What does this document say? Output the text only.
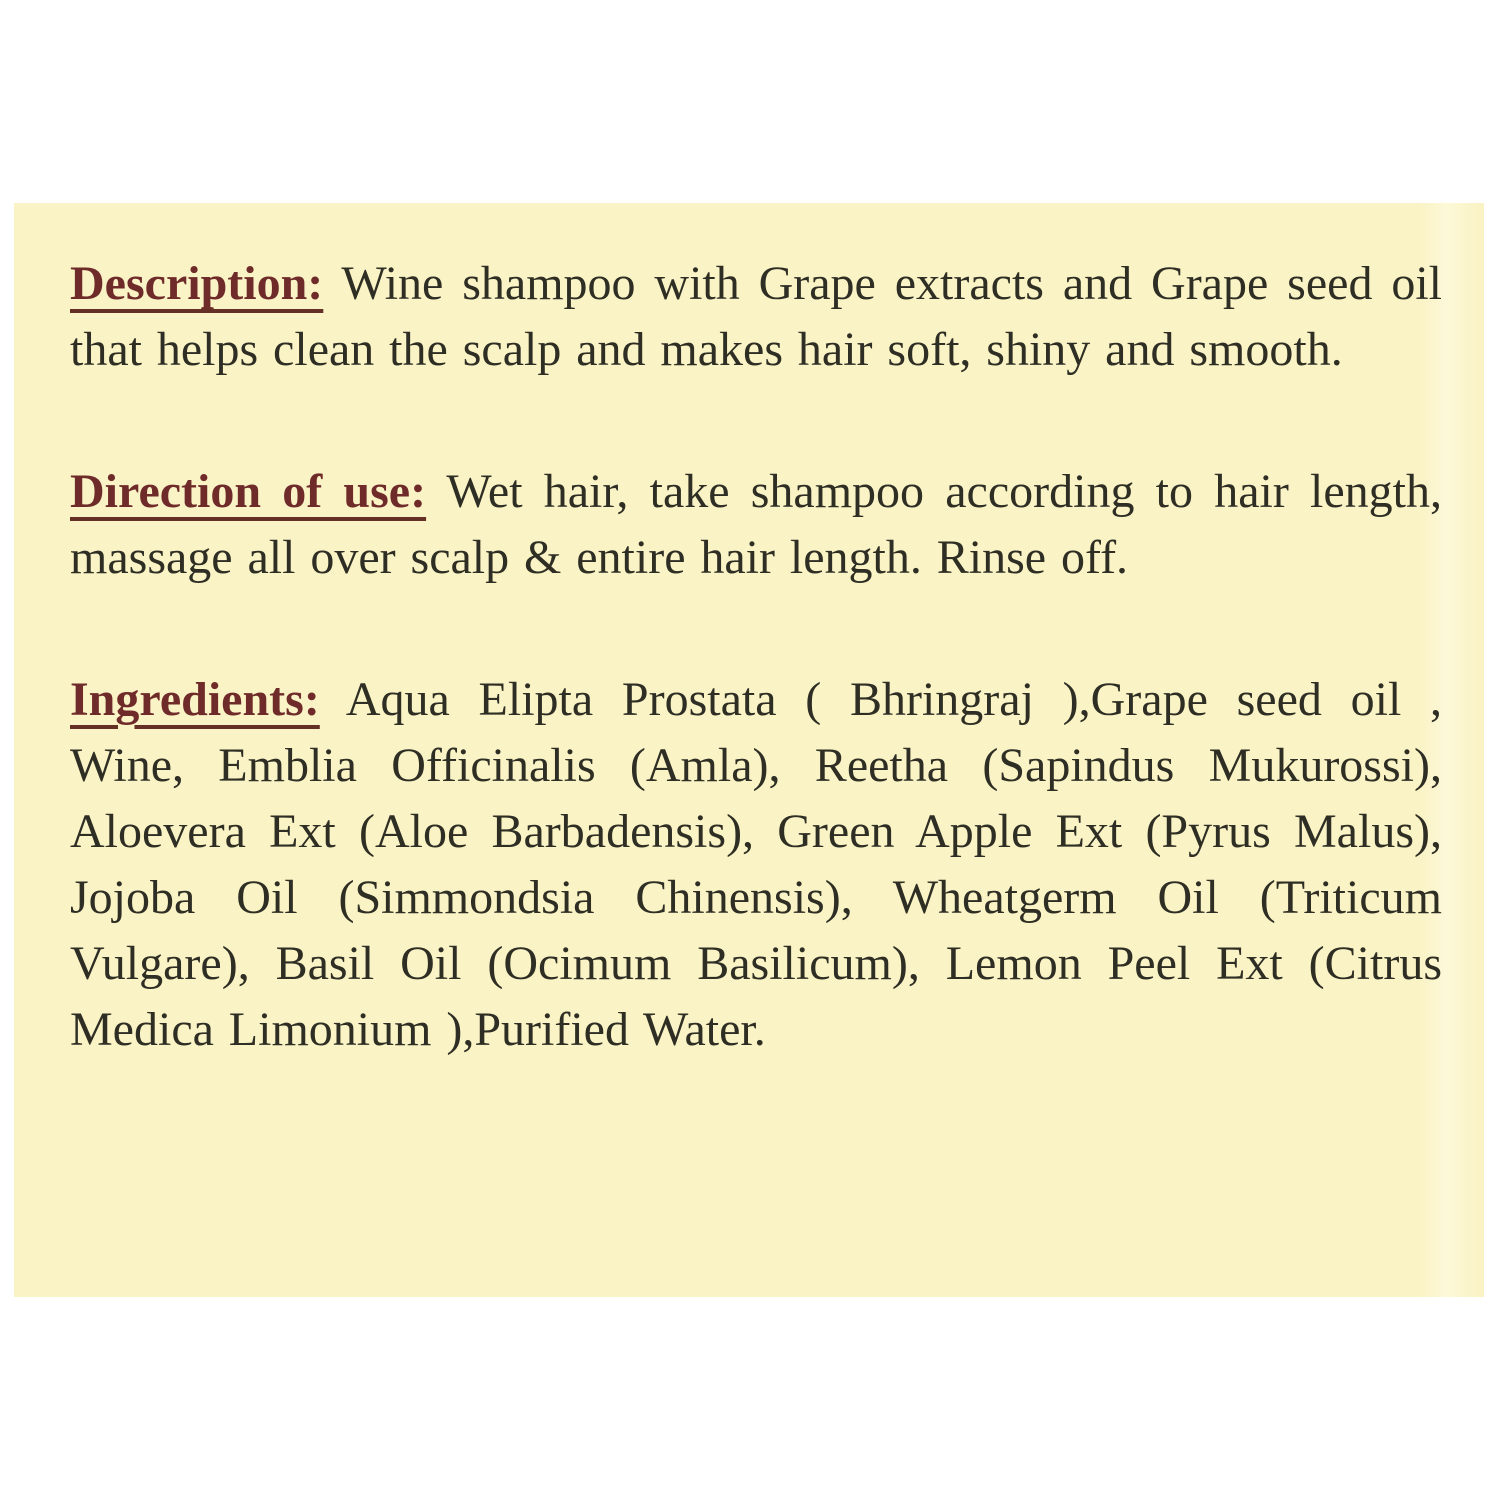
Description: Wine shampoo with Grape extracts and Grape seed oil that helps clean the scalp and makes hair soft, shiny and smooth.

Direction of use: Wet hair, take shampoo according to hair length, massage all over scalp & entire hair length. Rinse off.

Ingredients: Aqua Elipta Prostata ( Bhringraj ),Grape seed oil , Wine, Emblia Officinalis (Amla), Reetha (Sapindus Mukurossi), Aloevera Ext (Aloe Barbadensis), Green Apple Ext (Pyrus Malus), Jojoba Oil (Simmondsia Chinensis), Wheatgerm Oil (Triticum Vulgare), Basil Oil (Ocimum Basilicum), Lemon Peel Ext (Citrus Medica Limonium ),Purified Water.
